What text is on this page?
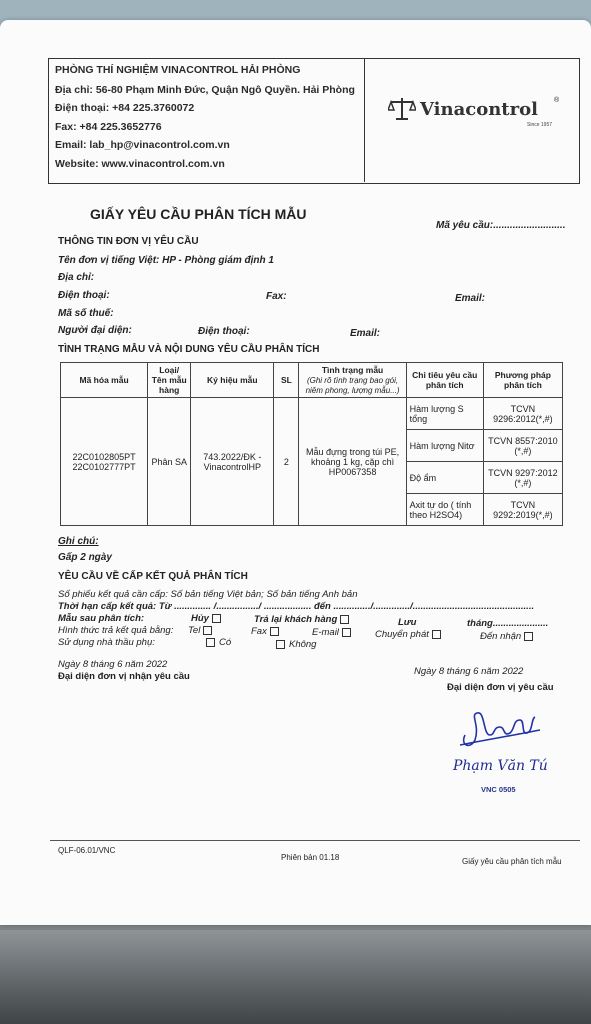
PHÒNG THÍ NGHIỆM VINACONTROL HẢI PHÒNG
Địa chỉ: 56-80 Phạm Minh Đức, Quận Ngô Quyền. Hải Phòng
Điện thoại: +84 225.3760072
Fax: +84 225.3652776
Email: lab_hp@vinacontrol.com.vn
Website: www.vinacontrol.com.vn
Vinacontrol ®
Since 1957
GIẤY YÊU CẦU PHÂN TÍCH MẪU
Mã yêu cầu:..........................
THÔNG TIN ĐƠN VỊ YÊU CẦU
Tên đơn vị tiếng Việt: HP - Phòng giám định 1
Địa chỉ:
Điện thoại:	Fax:	Email:
Mã số thuế:
Người đại diện:	Điện thoại:	Email:
TÌNH TRẠNG MẪU VÀ NỘI DUNG YÊU CẦU PHÂN TÍCH
Mã hóa mẫu	Loại/ Tên mẫu hàng	Ký hiệu mẫu	SL	Tình trạng mẫu
(Ghi rõ tình trạng bao gói, niêm phong, lượng mẫu...)	Chỉ tiêu yêu cầu phân tích	Phương pháp phân tích
22C0102805PT
22C0102777PT	Phân SA	743.2022/ĐK -VinacontrolHP	2	Mẫu đựng trong túi PE, khoảng 1 kg, cặp chì HP0067358	Hàm lượng S tổng	TCVN 9296:2012(*,#)
					Hàm lượng Nitơ	TCVN 8557:2010 (*,#)
					Độ ẩm	TCVN 9297:2012 (*,#)
					Axit tự do ( tính theo H2SO4)	TCVN 9292:2019(*,#)
Ghi chú:
Gấp 2 ngày
YÊU CẦU VỀ CẤP KẾT QUẢ PHÂN TÍCH
Số phiếu kết quả cần cấp: Số bản tiếng Việt bản; Số bản tiếng Anh bản
Thời hạn cấp kết quả: Từ .............. /................/ .................. đến ............../............../..............................................
Mẫu sau phân tích:	Hủy	Trả lại khách hàng	Lưu	tháng.....................
Hình thức trả kết quả bằng: Tel	Fax	E-mail	Chuyển phát	Đến nhận
Sử dụng nhà thầu phụ:	Có	Không
Ngày 8 tháng 6 năm 2022
Đại diện đơn vị nhận yêu cầu	Ngày 8 tháng 6 năm 2022
Đại diện đơn vị yêu cầu
Phạm Văn Tú
VNC 0505
QLF-06.01/VNC
Phiên bản 01.18	Giấy yêu cầu phân tích mẫu
